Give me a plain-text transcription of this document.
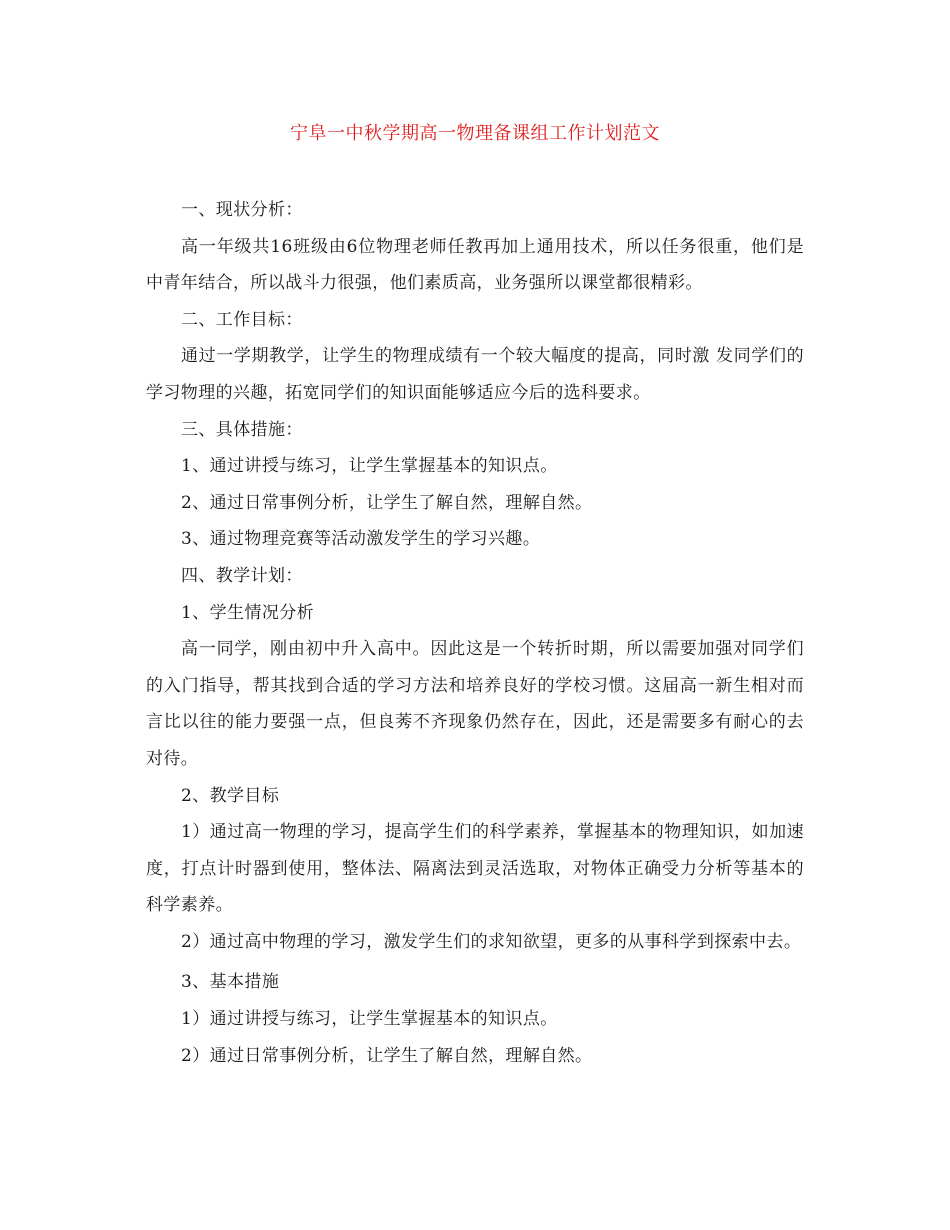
宁阜一中秋学期高一物理备课组工作计划范文

一、现状分析：

高一年级共16班级由6位物理老师任教再加上通用技术，所以任务很重，他们是中青年结合，所以战斗力很强，他们素质高，业务强所以课堂都很精彩。

二、工作目标：

通过一学期教学，让学生的物理成绩有一个较大幅度的提高，同时激 发同学们的学习物理的兴趣，拓宽同学们的知识面能够适应今后的选科要求。

三、具体措施：

1、通过讲授与练习，让学生掌握基本的知识点。

2、通过日常事例分析，让学生了解自然，理解自然。

3、通过物理竞赛等活动激发学生的学习兴趣。

四、教学计划：

1、学生情况分析

高一同学，刚由初中升入高中。因此这是一个转折时期，所以需要加强对同学们的入门指导，帮其找到合适的学习方法和培养良好的学校习惯。这届高一新生相对而言比以往的能力要强一点，但良莠不齐现象仍然存在，因此，还是需要多有耐心的去对待。

2、教学目标

1）通过高一物理的学习，提高学生们的科学素养，掌握基本的物理知识，如加速度，打点计时器到使用，整体法、隔离法到灵活选取，对物体正确受力分析等基本的科学素养。

2）通过高中物理的学习，激发学生们的求知欲望，更多的从事科学到探索中去。

3、基本措施

1）通过讲授与练习，让学生掌握基本的知识点。

2）通过日常事例分析，让学生了解自然，理解自然。
